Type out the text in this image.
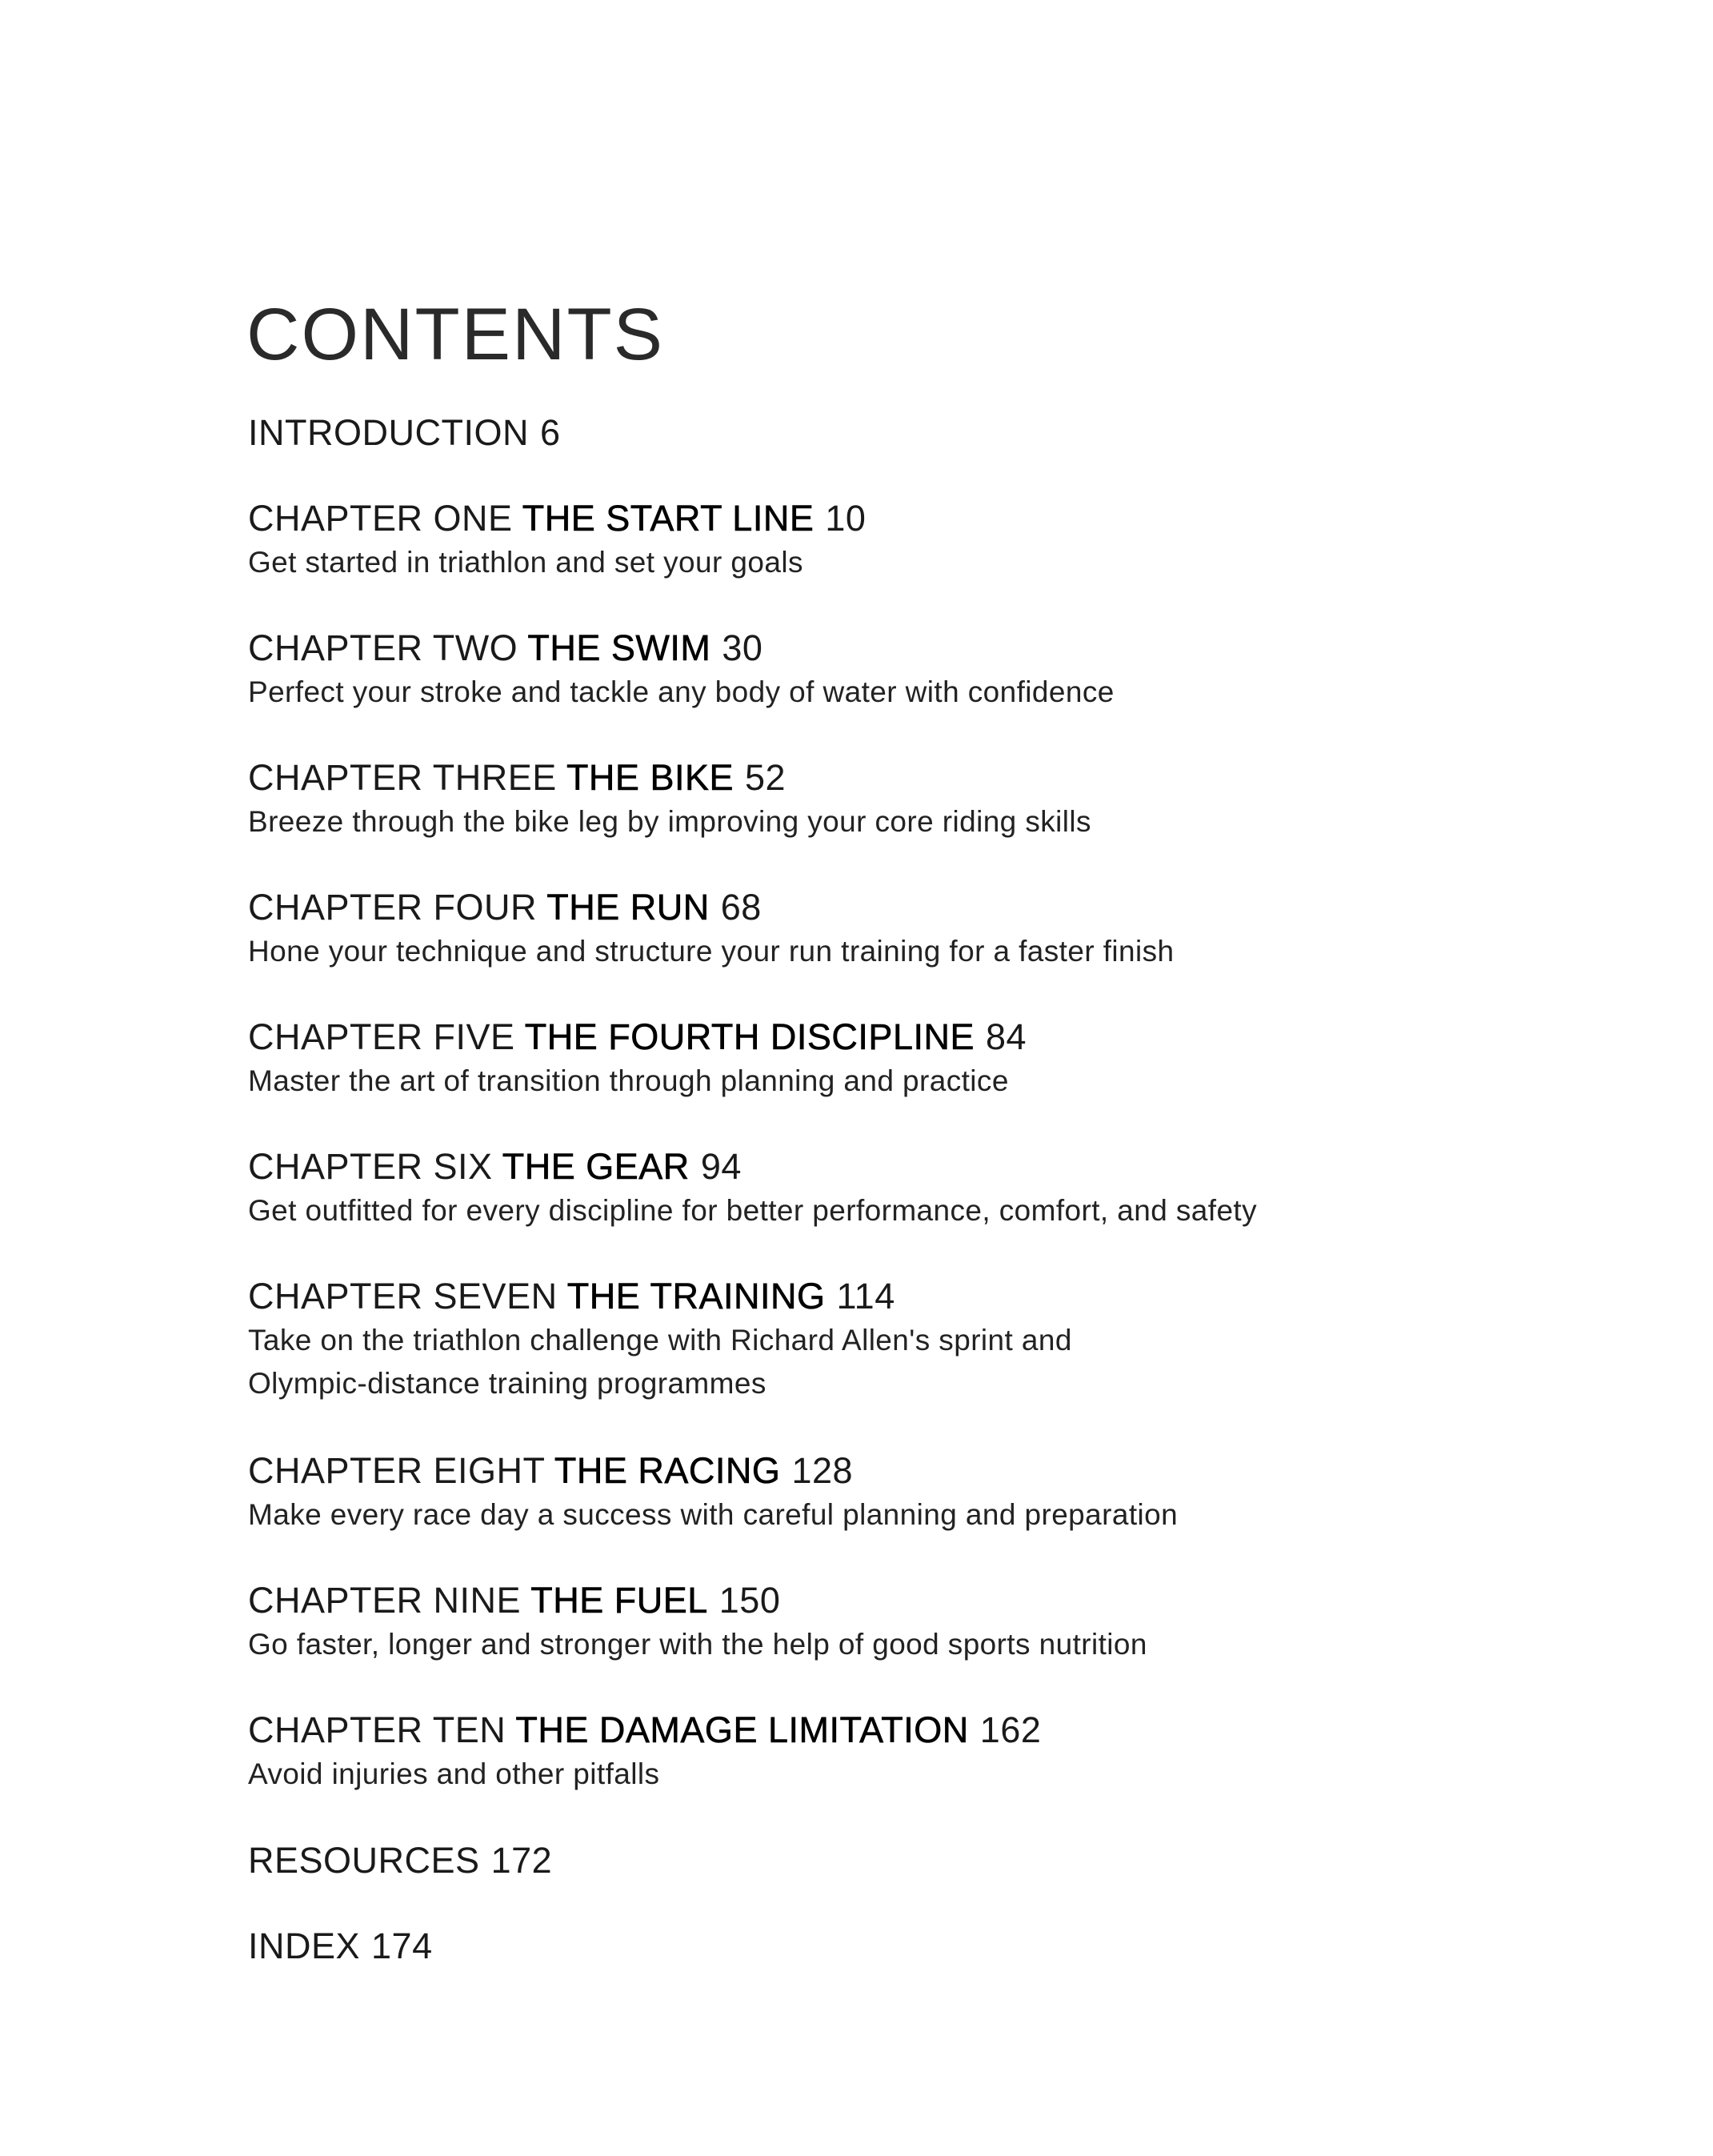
CONTENTS
INTRODUCTION 6
CHAPTER ONE THE START LINE 10
Get started in triathlon and set your goals
CHAPTER TWO THE SWIM 30
Perfect your stroke and tackle any body of water with confidence
CHAPTER THREE THE BIKE 52
Breeze through the bike leg by improving your core riding skills
CHAPTER FOUR THE RUN 68
Hone your technique and structure your run training for a faster finish
CHAPTER FIVE THE FOURTH DISCIPLINE 84
Master the art of transition through planning and practice
CHAPTER SIX THE GEAR 94
Get outfitted for every discipline for better performance, comfort, and safety
CHAPTER SEVEN THE TRAINING 114
Take on the triathlon challenge with Richard Allen's sprint and
Olympic-distance training programmes
CHAPTER EIGHT THE RACING 128
Make every race day a success with careful planning and preparation
CHAPTER NINE THE FUEL 150
Go faster, longer and stronger with the help of good sports nutrition
CHAPTER TEN THE DAMAGE LIMITATION 162
Avoid injuries and other pitfalls
RESOURCES 172
INDEX 174
